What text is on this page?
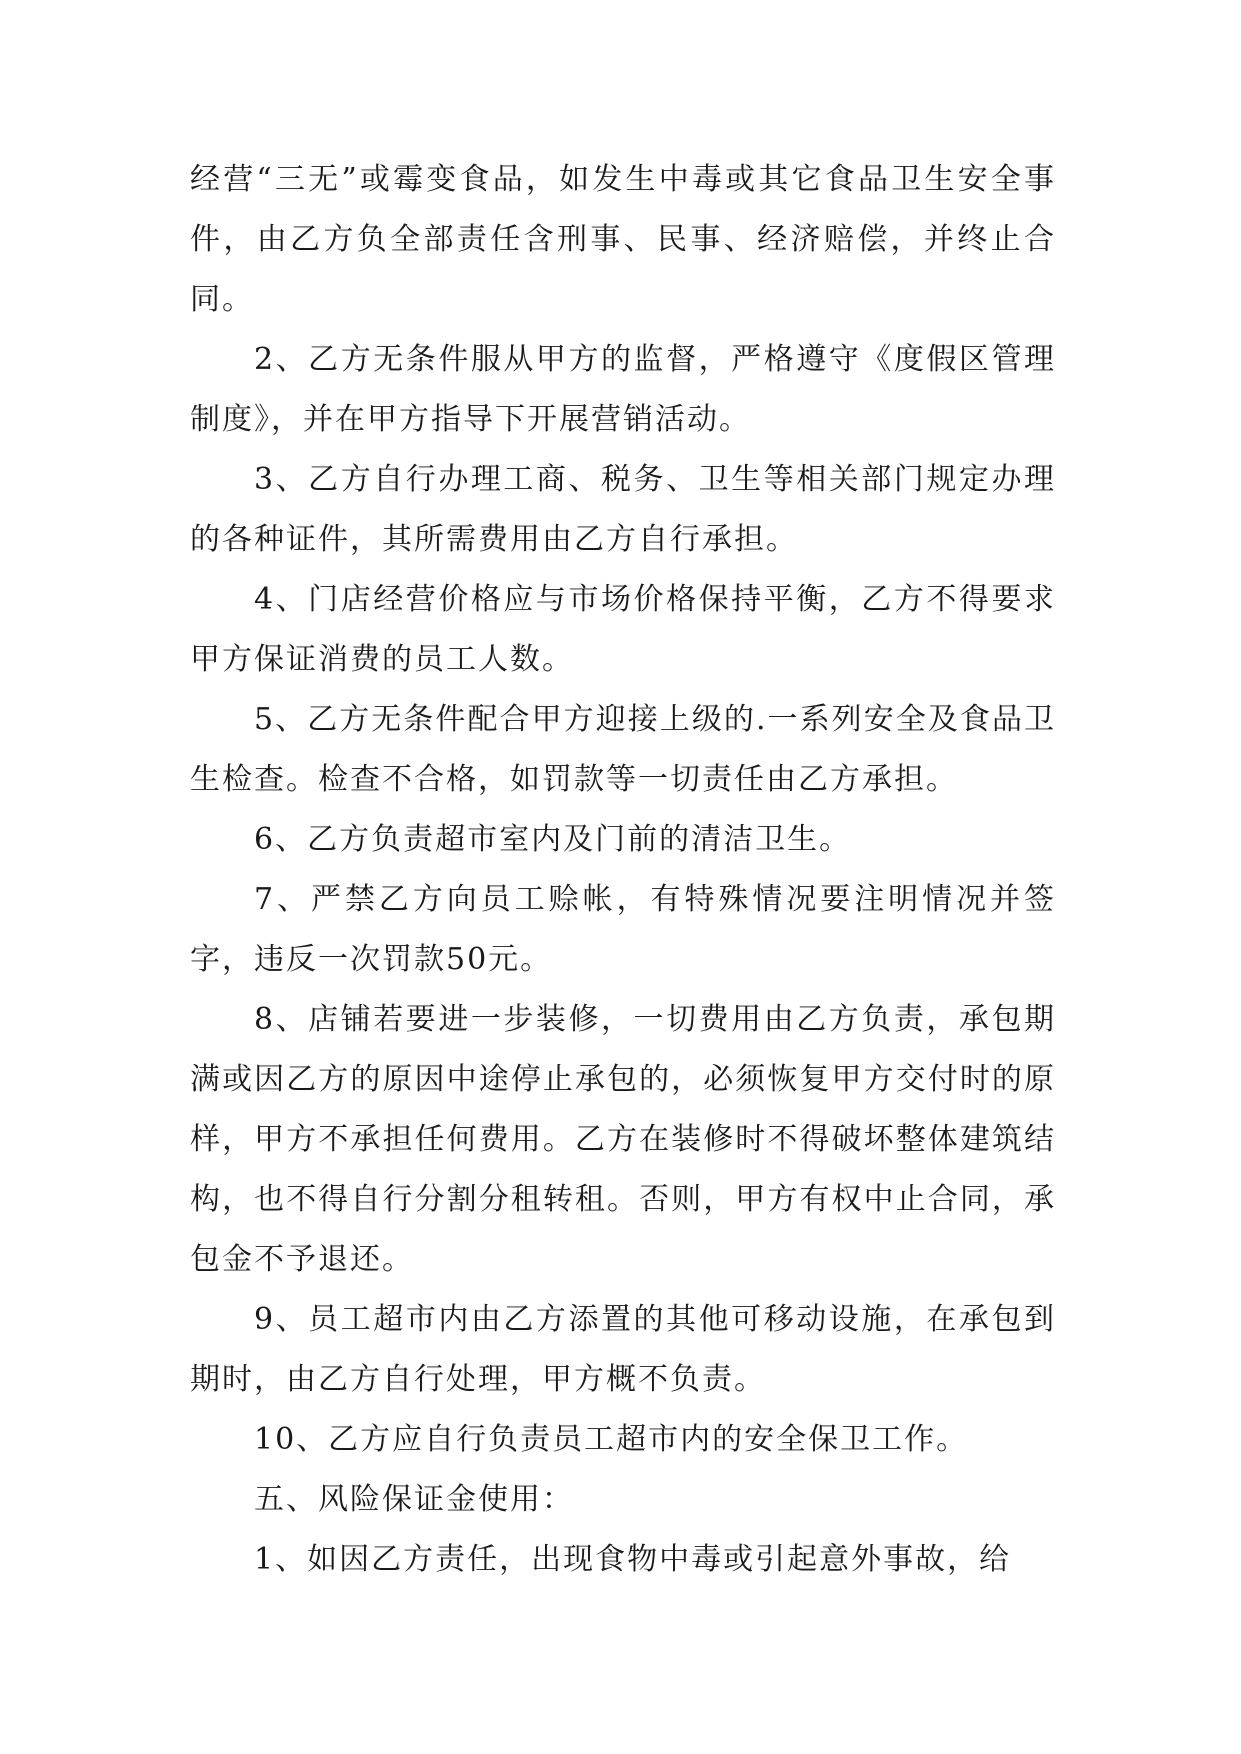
经营“三无”或霉变食品，如发生中毒或其它食品卫生安全事件，由乙方负全部责任含刑事、民事、经济赔偿，并终止合同。

2、乙方无条件服从甲方的监督，严格遵守《度假区管理制度》，并在甲方指导下开展营销活动。

3、乙方自行办理工商、税务、卫生等相关部门规定办理的各种证件，其所需费用由乙方自行承担。

4、门店经营价格应与市场价格保持平衡，乙方不得要求甲方保证消费的员工人数。

5、乙方无条件配合甲方迎接上级的.一系列安全及食品卫生检查。检查不合格，如罚款等一切责任由乙方承担。

6、乙方负责超市室内及门前的清洁卫生。

7、严禁乙方向员工赊帐，有特殊情况要注明情况并签字，违反一次罚款50元。

8、店铺若要进一步装修，一切费用由乙方负责，承包期满或因乙方的原因中途停止承包的，必须恢复甲方交付时的原样，甲方不承担任何费用。乙方在装修时不得破坏整体建筑结构，也不得自行分割分租转租。否则，甲方有权中止合同，承包金不予退还。

9、员工超市内由乙方添置的其他可移动设施，在承包到期时，由乙方自行处理，甲方概不负责。

10、乙方应自行负责员工超市内的安全保卫工作。

五、风险保证金使用：

1、如因乙方责任，出现食物中毒或引起意外事故，给
